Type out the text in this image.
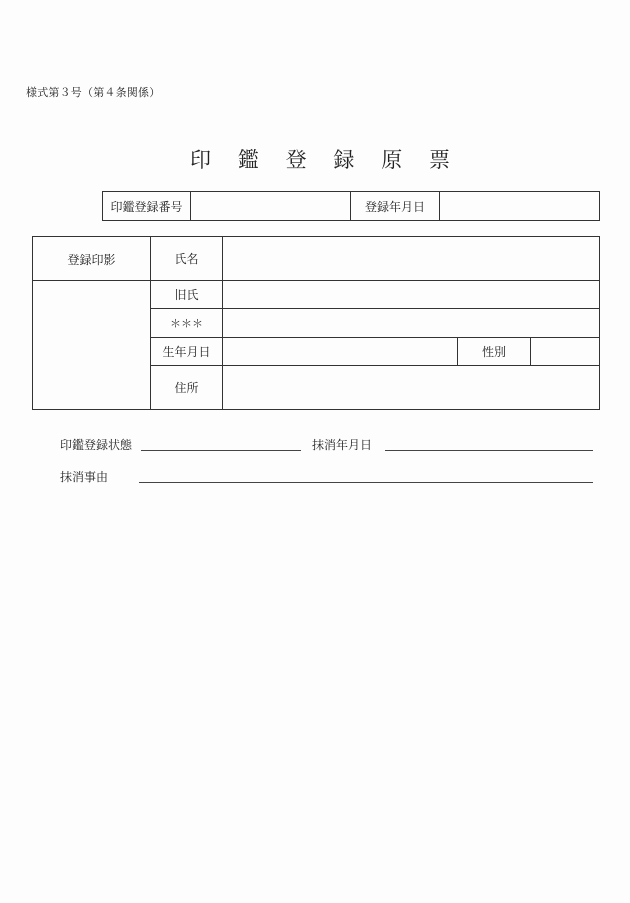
様式第３号（第４条関係）
印 鑑 登 録 原 票
印鑑登録番号	登録年月日
登録印影	氏名
旧氏
＊＊＊
生年月日	性別
住所
印鑑登録状態	抹消年月日
抹消事由
